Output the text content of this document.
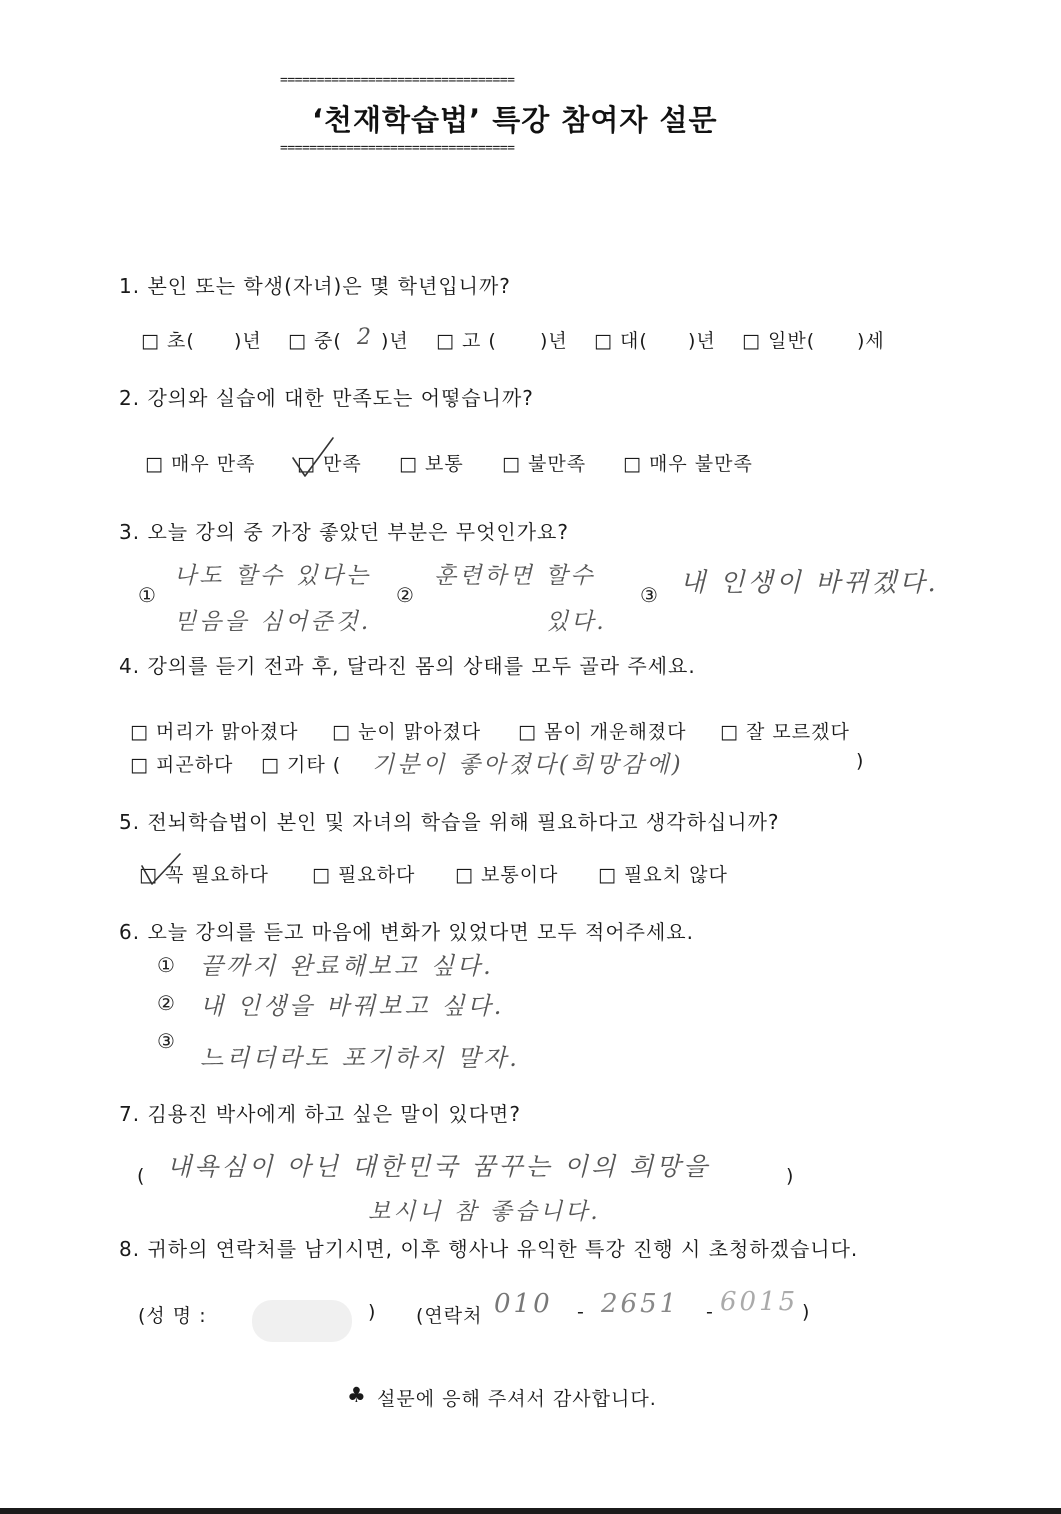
================================
‘천재학습법’ 특강 참여자 설문
================================
1. 본인 또는 학생(자녀)은 몇 학년입니까?
□ 초( )년 □ 중( 2 )년 □ 고 ( )년 □ 대( )년 □ 일반( )세
2. 강의와 실습에 대한 만족도는 어떻습니까?
□ 매우 만족 □ 만족 □ 보통 □ 불만족 □ 매우 불만족
3. 오늘 강의 중 가장 좋았던 부분은 무엇인가요?
①
나도 할수 있다는
믿음을 심어준것.
②
훈련하면 할수
있다.
③ 내 인생이 바뀌겠다.
4. 강의를 듣기 전과 후, 달라진 몸의 상태를 모두 골라 주세요.
□ 머리가 맑아졌다 □ 눈이 맑아졌다 □ 몸이 개운해졌다 □ 잘 모르겠다
□ 피곤하다 □ 기타 ( 기분이 좋아졌다(희망감에)	)
5. 전뇌학습법이 본인 및 자녀의 학습을 위해 필요하다고 생각하십니까?
□ 꼭 필요하다 □ 필요하다 □ 보통이다 □ 필요치 않다
6. 오늘 강의를 듣고 마음에 변화가 있었다면 모두 적어주세요.
① 끝까지 완료해보고 싶다.
② 내 인생을 바꿔보고 싶다.
③
느리더라도 포기하지 말자.
7. 김용진 박사에게 하고 싶은 말이 있다면?
( 내욕심이 아닌 대한민국 꿈꾸는 이의 희망을
보시니 참 좋습니다.
)
8. 귀하의 연락처를 남기시면, 이후 행사나 유익한 특강 진행 시 초청하겠습니다.
(성 명 :	) (연락처 010 - 2651 - 6015 )
♣ 설문에 응해 주셔서 감사합니다.
